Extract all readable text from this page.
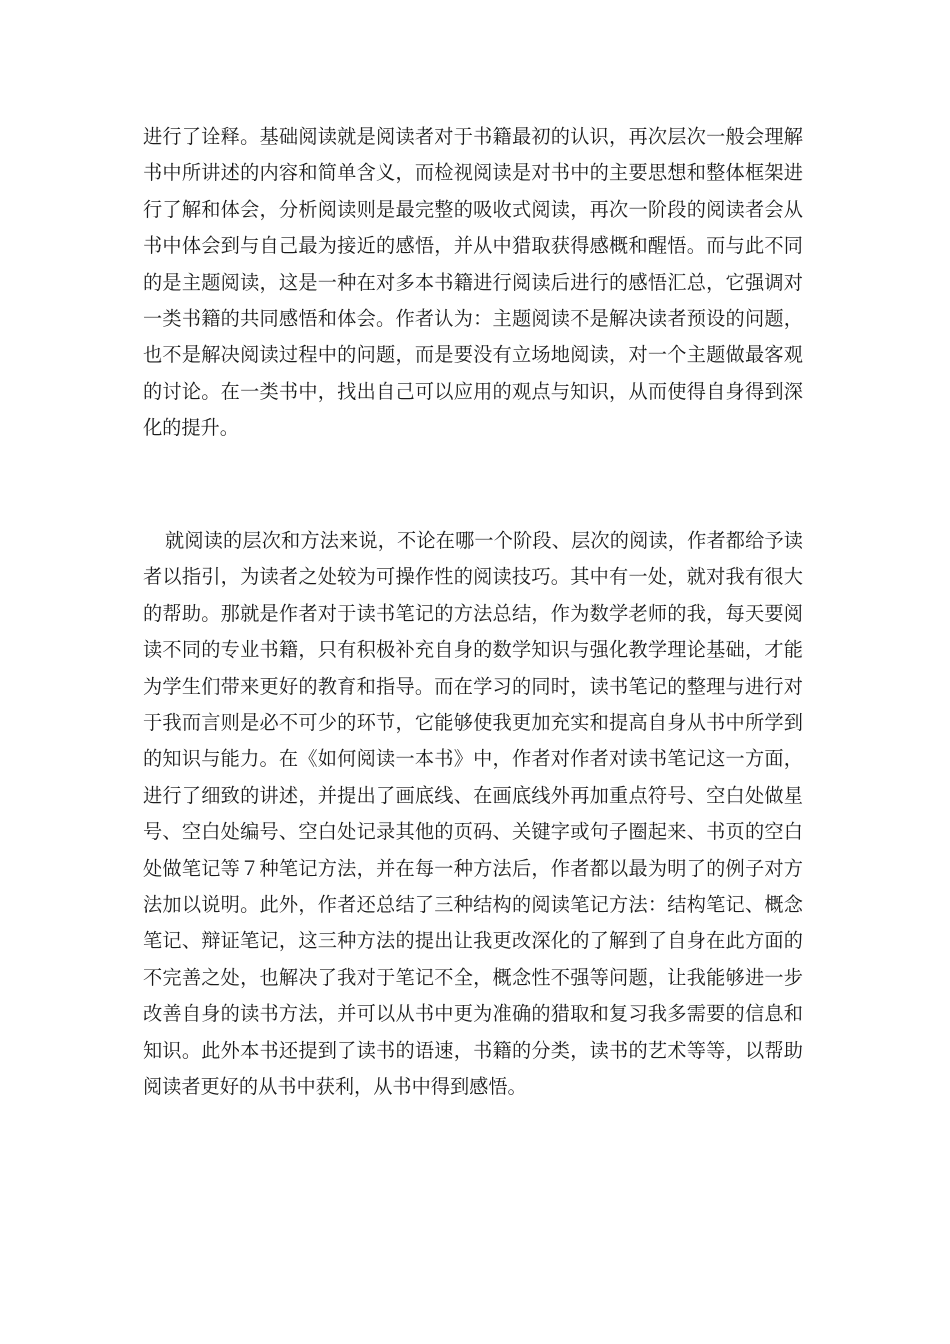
进行了诠释。基础阅读就是阅读者对于书籍最初的认识，再次层次一般会理解书中所讲述的内容和简单含义，而检视阅读是对书中的主要思想和整体框架进行了解和体会，分析阅读则是最完整的吸收式阅读，再次一阶段的阅读者会从书中体会到与自己最为接近的感悟，并从中猎取获得感概和醒悟。而与此不同的是主题阅读，这是一种在对多本书籍进行阅读后进行的感悟汇总，它强调对一类书籍的共同感悟和体会。作者认为：主题阅读不是解决读者预设的问题，也不是解决阅读过程中的问题，而是要没有立场地阅读，对一个主题做最客观的讨论。在一类书中，找出自己可以应用的观点与知识，从而使得自身得到深化的提升。

就阅读的层次和方法来说，不论在哪一个阶段、层次的阅读，作者都给予读者以指引，为读者之处较为可操作性的阅读技巧。其中有一处，就对我有很大的帮助。那就是作者对于读书笔记的方法总结，作为数学老师的我，每天要阅读不同的专业书籍，只有积极补充自身的数学知识与强化教学理论基础，才能为学生们带来更好的教育和指导。而在学习的同时，读书笔记的整理与进行对于我而言则是必不可少的环节，它能够使我更加充实和提高自身从书中所学到的知识与能力。在《如何阅读一本书》中，作者对作者对读书笔记这一方面，进行了细致的讲述，并提出了画底线、在画底线外再加重点符号、空白处做星号、空白处编号、空白处记录其他的页码、关键字或句子圈起来、书页的空白处做笔记等７种笔记方法，并在每一种方法后，作者都以最为明了的例子对方法加以说明。此外，作者还总结了三种结构的阅读笔记方法：结构笔记、概念笔记、辩证笔记，这三种方法的提出让我更改深化的了解到了自身在此方面的不完善之处，也解决了我对于笔记不全，概念性不强等问题，让我能够进一步改善自身的读书方法，并可以从书中更为准确的猎取和复习我多需要的信息和知识。此外本书还提到了读书的语速，书籍的分类，读书的艺术等等，以帮助阅读者更好的从书中获利，从书中得到感悟。
